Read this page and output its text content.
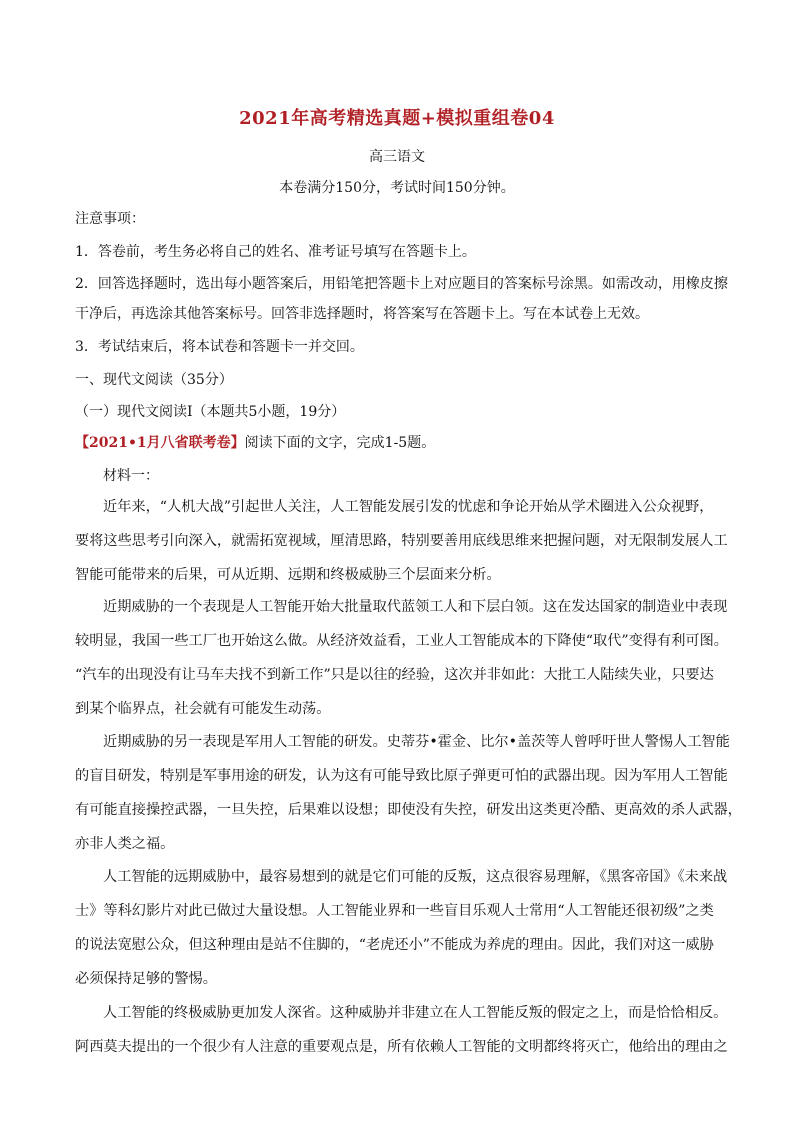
2021年高考精选真题+模拟重组卷04
高三语文
本卷满分150分，考试时间150分钟。
注意事项：
1．答卷前，考生务必将自己的姓名、准考证号填写在答题卡上。
2．回答选择题时，选出每小题答案后，用铅笔把答题卡上对应题目的答案标号涂黑。如需改动，用橡皮擦
干净后，再选涂其他答案标号。回答非选择题时，将答案写在答题卡上。写在本试卷上无效。
3．考试结束后，将本试卷和答题卡一并交回。
一、现代文阅读（35分）
（一）现代文阅读Ⅰ（本题共5小题，19分）
【2021•1月八省联考卷】阅读下面的文字，完成1-5题。
材料一：
近年来，“人机大战”引起世人关注，人工智能发展引发的忧虑和争论开始从学术圈进入公众视野，
要将这些思考引向深入，就需拓宽视域，厘清思路，特别要善用底线思维来把握问题，对无限制发展人工
智能可能带来的后果，可从近期、远期和终极威胁三个层面来分析。
近期威胁的一个表现是人工智能开始大批量取代蓝领工人和下层白领。这在发达国家的制造业中表现
较明显，我国一些工厂也开始这么做。从经济效益看，工业人工智能成本的下降使“取代”变得有利可图。
“汽车的出现没有让马车夫找不到新工作”只是以往的经验，这次并非如此：大批工人陆续失业，只要达
到某个临界点，社会就有可能发生动荡。
近期威胁的另一表现是军用人工智能的研发。史蒂芬•霍金、比尔•盖茨等人曾呼吁世人警惕人工智能
的盲目研发，特别是军事用途的研发，认为这有可能导致比原子弹更可怕的武器出现。因为军用人工智能
有可能直接操控武器，一旦失控，后果难以设想；即使没有失控，研发出这类更冷酷、更高效的杀人武器，
亦非人类之福。
人工智能的远期威胁中，最容易想到的就是它们可能的反叛，这点很容易理解，《黑客帝国》《未来战
士》等科幻影片对此已做过大量设想。人工智能业界和一些盲目乐观人士常用“人工智能还很初级”之类
的说法宽慰公众，但这种理由是站不住脚的，“老虎还小”不能成为养虎的理由。因此，我们对这一威胁
必须保持足够的警惕。
人工智能的终极威胁更加发人深省。这种威胁并非建立在人工智能反叛的假定之上，而是恰恰相反。
阿西莫夫提出的一个很少有人注意的重要观点是，所有依赖人工智能的文明都终将灭亡，他给出的理由之
